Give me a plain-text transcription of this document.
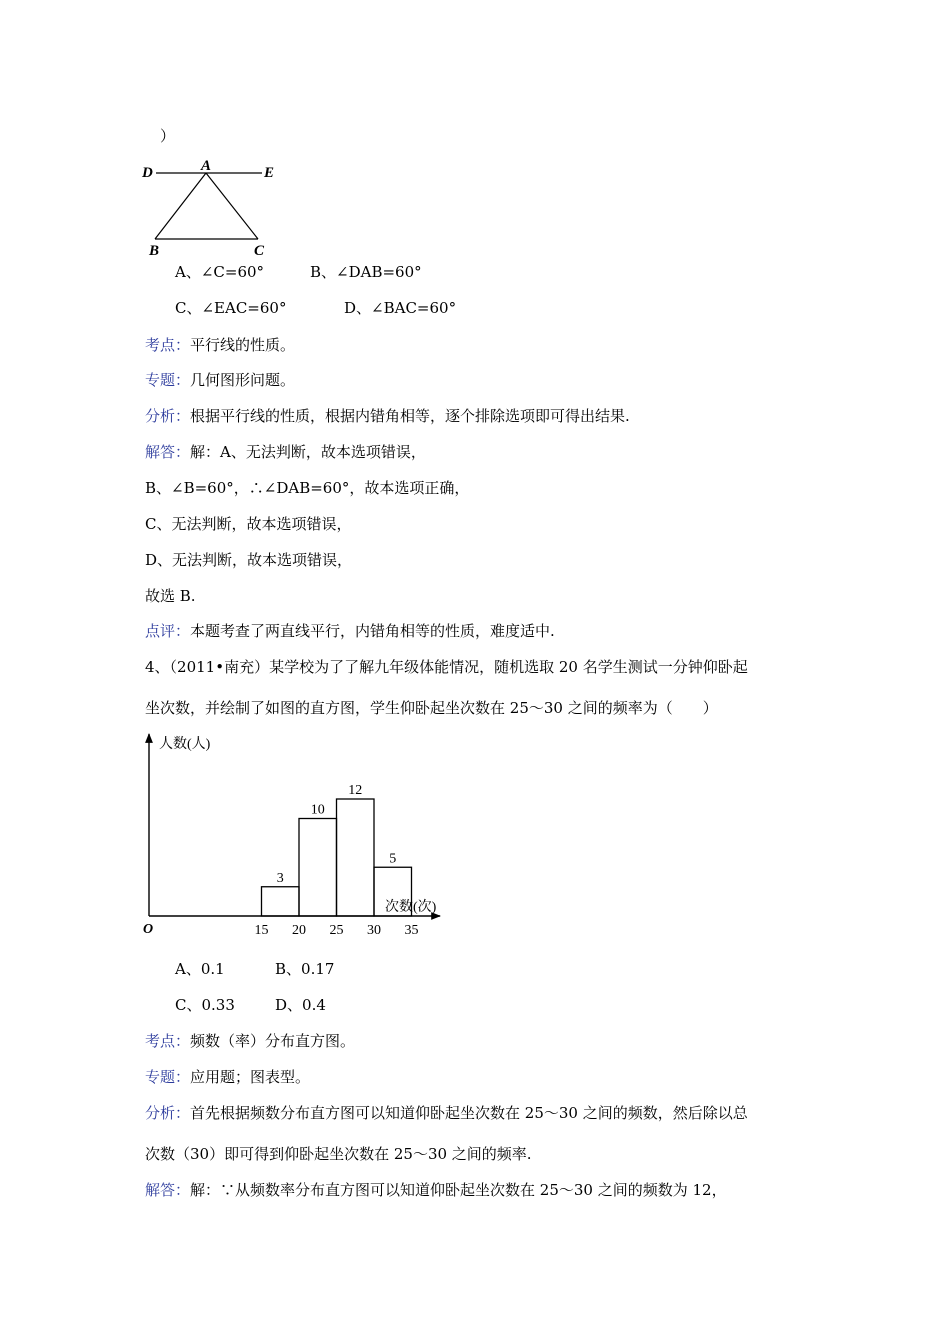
）
D	A	E
B	C
A、∠C=60°	B、∠DAB=60°
C、∠EAC=60°	D、∠BAC=60°
考点：平行线的性质。
专题：几何图形问题。
分析：根据平行线的性质，根据内错角相等，逐个排除选项即可得出结果.
解答：解：A、无法判断，故本选项错误，
B、∠B=60°，∴∠DAB=60°，故本选项正确，
C、无法判断，故本选项错误，
D、无法判断，故本选项错误，
故选 B.
点评：本题考查了两直线平行，内错角相等的性质，难度适中.
4、（2011•南充）某学校为了了解九年级体能情况，随机选取 20 名学生测试一分钟仰卧起
坐次数，并绘制了如图的直方图，学生仰卧起坐次数在 25～30 之间的频率为（　　）
人数(人)
次数(次)
O	15 20 25 30 35
3
10
12
5
A、0.1	B、0.17
C、0.33	D、0.4
考点：频数（率）分布直方图。
专题：应用题；图表型。
分析：首先根据频数分布直方图可以知道仰卧起坐次数在 25～30 之间的频数，然后除以总
次数（30）即可得到仰卧起坐次数在 25～30 之间的频率.
解答：解：∵从频数率分布直方图可以知道仰卧起坐次数在 25～30 之间的频数为 12，
